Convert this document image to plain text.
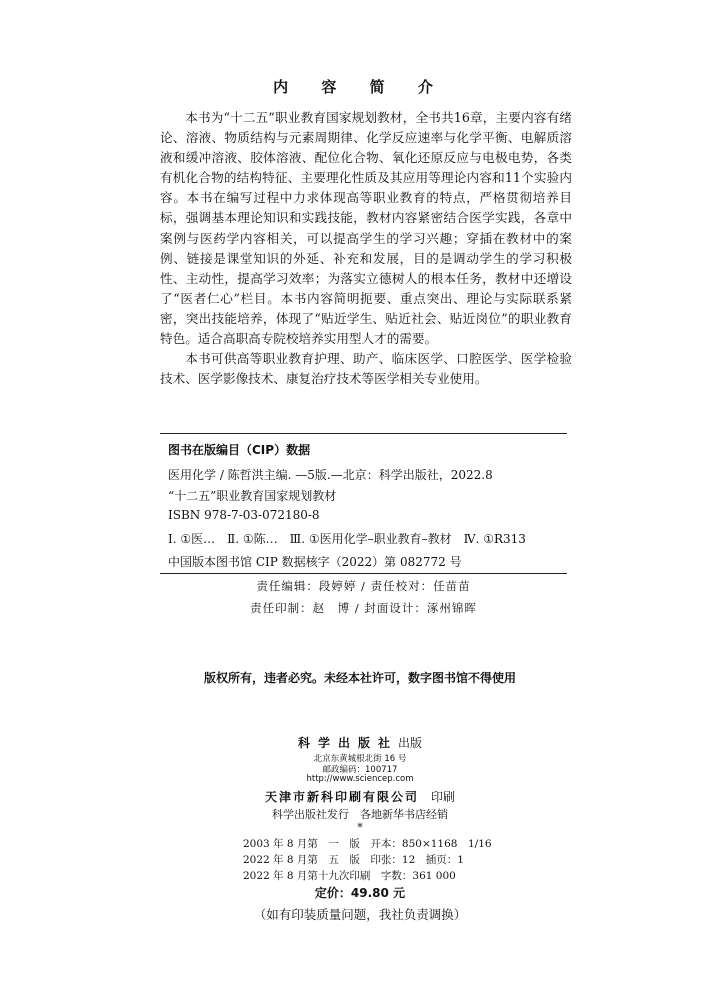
内 容 简 介

本书为“十二五”职业教育国家规划教材，全书共16章，主要内容有绪论、溶液、物质结构与元素周期律、化学反应速率与化学平衡、电解质溶液和缓冲溶液、胶体溶液、配位化合物、氧化还原反应与电极电势，各类有机化合物的结构特征、主要理化性质及其应用等理论内容和11个实验内容。本书在编写过程中力求体现高等职业教育的特点，严格贯彻培养目标，强调基本理论知识和实践技能，教材内容紧密结合医学实践，各章中案例与医药学内容相关，可以提高学生的学习兴趣；穿插在教材中的案例、链接是课堂知识的外延、补充和发展，目的是调动学生的学习积极性、主动性，提高学习效率；为落实立德树人的根本任务，教材中还增设了“医者仁心”栏目。本书内容简明扼要、重点突出、理论与实际联系紧密，突出技能培养，体现了“贴近学生、贴近社会、贴近岗位”的职业教育特色。适合高职高专院校培养实用型人才的需要。

本书可供高等职业教育护理、助产、临床医学、口腔医学、医学检验技术、医学影像技术、康复治疗技术等医学相关专业使用。

图书在版编目（CIP）数据
医用化学 / 陈哲洪主编. —5版.—北京：科学出版社，2022.8
“十二五”职业教育国家规划教材
ISBN 978-7-03-072180-8
Ⅰ. ①医…　Ⅱ. ①陈…　Ⅲ. ①医用化学–职业教育–教材　Ⅳ. ①R313
中国版本图书馆 CIP 数据核字（2022）第 082772 号
责任编辑：段婷婷 / 责任校对：任苗苗
责任印制：赵　博 / 封面设计：涿州锦晖
版权所有，违者必究。未经本社许可，数字图书馆不得使用
科学出版社出版
北京东黄城根北街 16 号
邮政编码：100717
http://www.sciencep.com
天津市新科印刷有限公司　 印刷
科学出版社发行　各地新华书店经销
*
2003 年 8 月第　一　版　开本：850×1168　1/16
2022 年 8 月第　五　版　印张：12　插页：1
2022 年 8 月第十九次印刷　字数：361 000
定价：49.80 元
（如有印装质量问题，我社负责调换）
